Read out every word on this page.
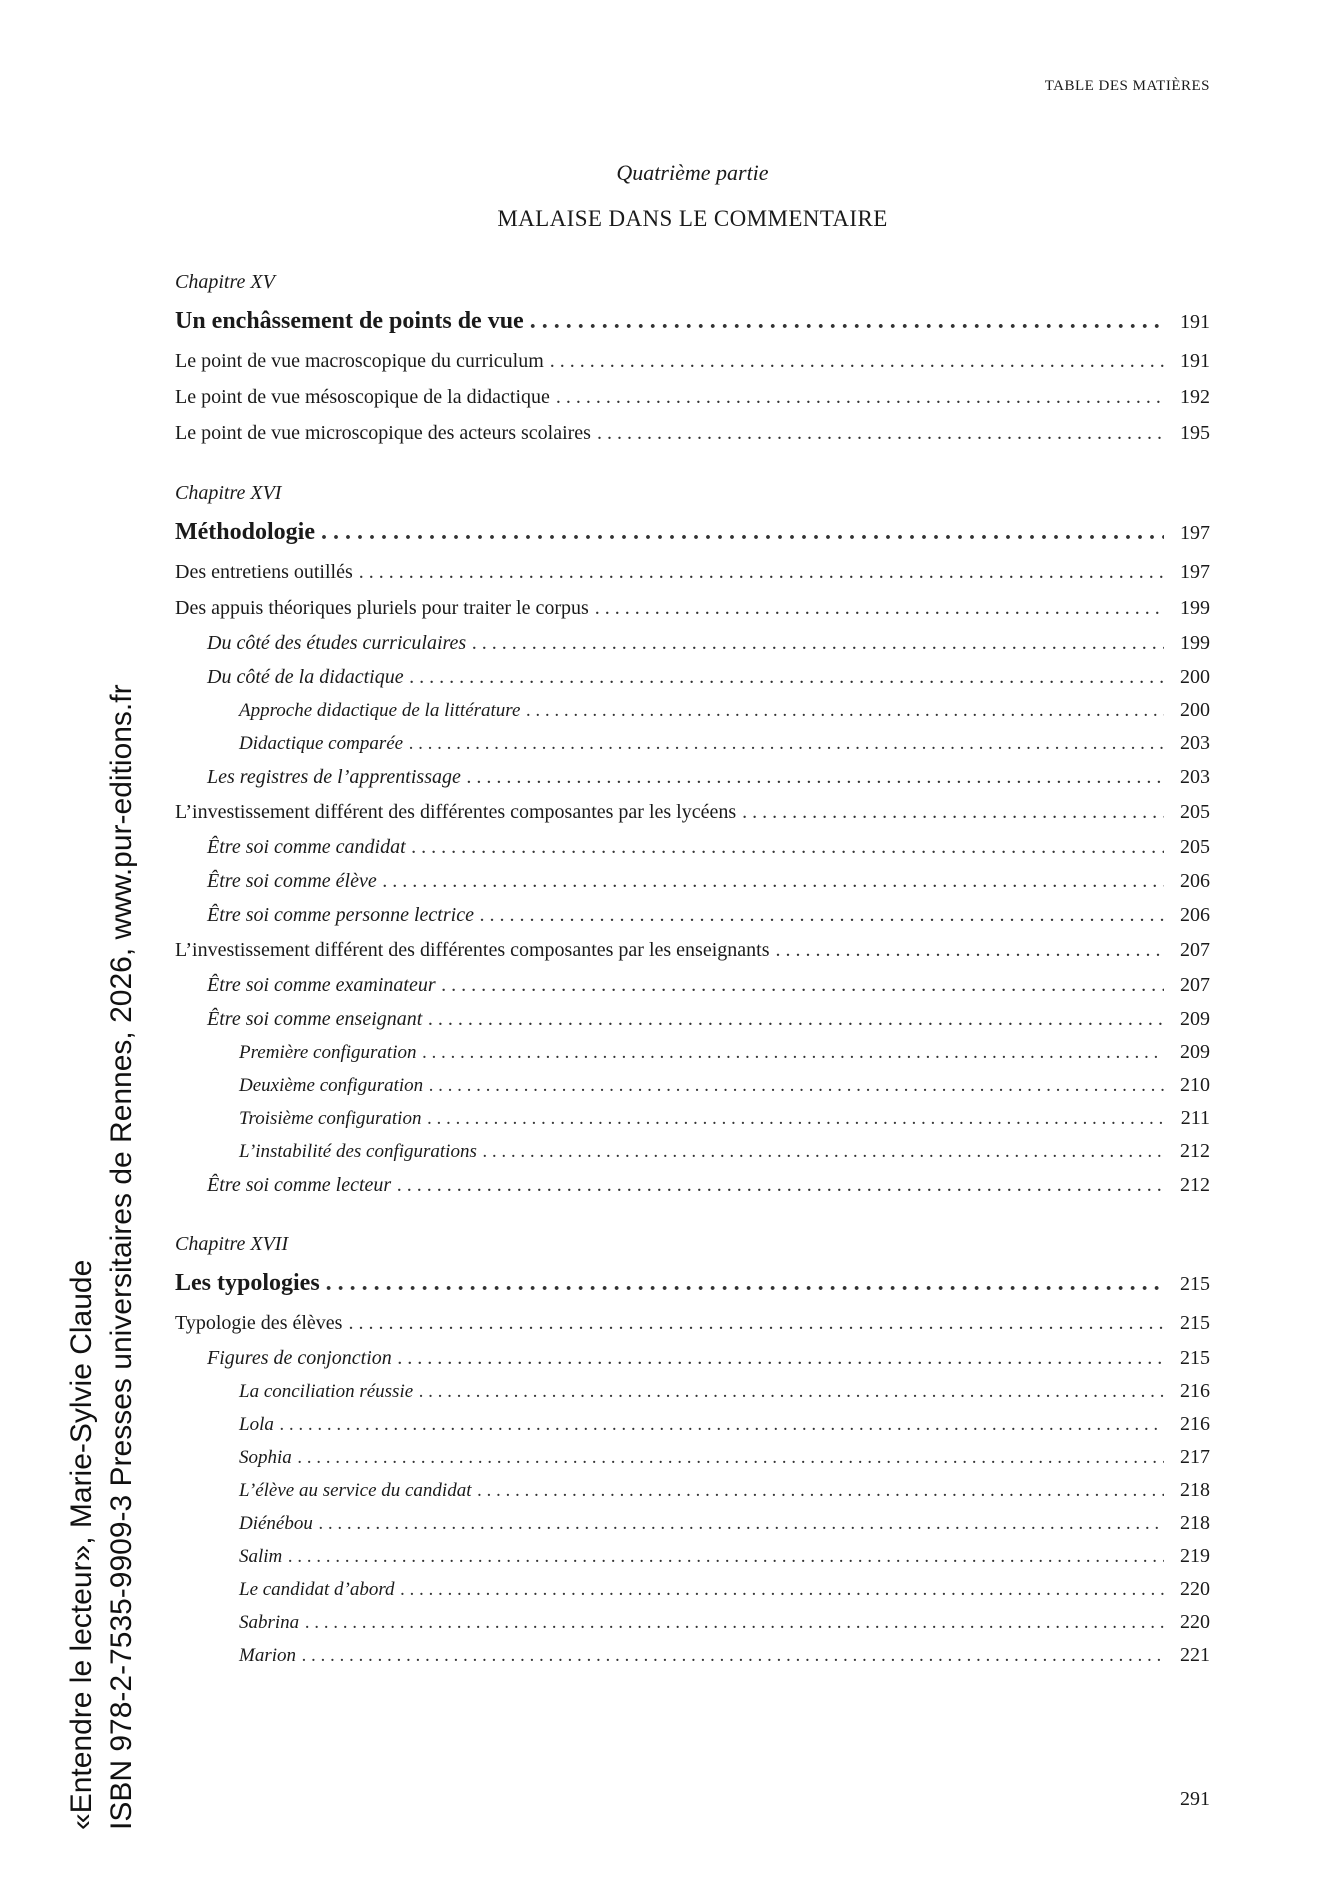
TABLE DES MATIÈRES
Quatrième partie
MALAISE DANS LE COMMENTAIRE
Chapitre XV
Un enchâssement de points de vue . . .	191
Le point de vue macroscopique du curriculum . . .	191
Le point de vue mésoscopique de la didactique . . .	192
Le point de vue microscopique des acteurs scolaires . . .	195
Chapitre XVI
Méthodologie . . .	197
Des entretiens outillés . . .	197
Des appuis théoriques pluriels pour traiter le corpus . . .	199
Du côté des études curriculaires . . .	199
Du côté de la didactique . . .	200
Approche didactique de la littérature . . .	200
Didactique comparée . . .	203
Les registres de l’apprentissage . . .	203
L’investissement différent des différentes composantes par les lycéens . . .	205
Être soi comme candidat . . .	205
Être soi comme élève . . .	206
Être soi comme personne lectrice . . .	206
L’investissement différent des différentes composantes par les enseignants . . .	207
Être soi comme examinateur . . .	207
Être soi comme enseignant . . .	209
Première configuration . . .	209
Deuxième configuration . . .	210
Troisième configuration . . .	211
L’instabilité des configurations . . .	212
Être soi comme lecteur . . .	212
Chapitre XVII
Les typologies . . .	215
Typologie des élèves . . .	215
Figures de conjonction . . .	215
La conciliation réussie . . .	216
Lola . . .	216
Sophia . . .	217
L’élève au service du candidat . . .	218
Diénébou . . .	218
Salim . . .	219
Le candidat d’abord . . .	220
Sabrina . . .	220
Marion . . .	221
«Entendre le lecteur», Marie-Sylvie Claude ISBN 978-2-7535-9909-3 Presses universitaires de Rennes, 2026, www.pur-editions.fr	291
